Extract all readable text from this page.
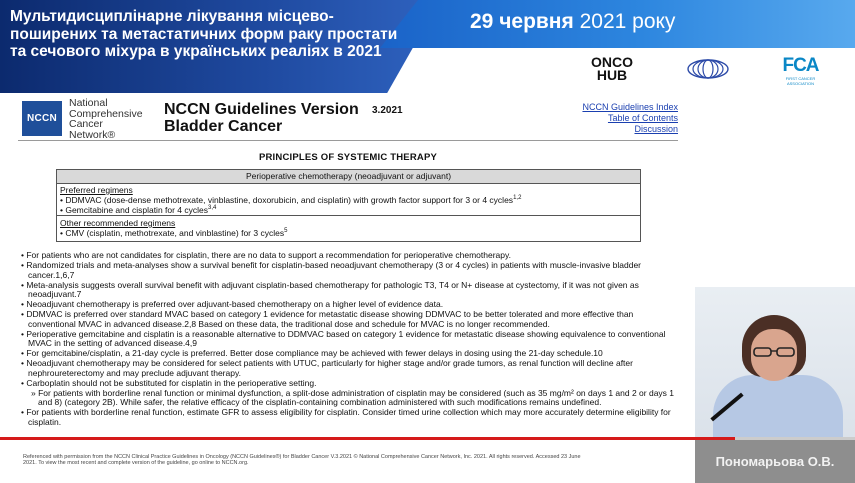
Мультидисциплінарне лікування місцево-поширених та метастатичних форм раку простати та сечового міхура в українських реаліях в 2021
29 червня 2021 року
ONCO
HUB	FCA
FIRST CANCER ASSOCIATION
NCCN
National
Comprehensive
Cancer
Network®
NCCN Guidelines Version
Bladder Cancer
3.2021	NCCN Guidelines Index
Table of Contents
Discussion
PRINCIPLES OF SYSTEMIC THERAPY
Perioperative chemotherapy (neoadjuvant or adjuvant)
Preferred regimens
• DDMVAC (dose-dense methotrexate, vinblastine, doxorubicin, and cisplatin) with growth factor support for 3 or 4 cycles$^{1,2}$
• Gemcitabine and cisplatin for 4 cycles$^{3,4}$
Other recommended regimens
• CMV (cisplatin, methotrexate, and vinblastine) for 3 cycles$^5$
• For patients who are not candidates for cisplatin, there are no data to support a recommendation for perioperative chemotherapy.
• Randomized trials and meta-analyses show a survival benefit for cisplatin-based neoadjuvant chemotherapy (3 or 4 cycles) in patients with muscle-invasive bladder cancer.1,6,7
• Meta-analysis suggests overall survival benefit with adjuvant cisplatin-based chemotherapy for pathologic T3, T4 or N+ disease at cystectomy, if it was not given as neoadjuvant.7
• Neoadjuvant chemotherapy is preferred over adjuvant-based chemotherapy on a higher level of evidence data.
• DDMVAC is preferred over standard MVAC based on category 1 evidence for metastatic disease showing DDMVAC to be better tolerated and more effective than conventional MVAC in advanced disease.2,8 Based on these data, the traditional dose and schedule for MVAC is no longer recommended.
• Perioperative gemcitabine and cisplatin is a reasonable alternative to DDMVAC based on category 1 evidence for metastatic disease showing equivalence to conventional MVAC in the setting of advanced disease.4,9
• For gemcitabine/cisplatin, a 21-day cycle is preferred. Better dose compliance may be achieved with fewer delays in dosing using the 21-day schedule.10
• Neoadjuvant chemotherapy may be considered for select patients with UTUC, particularly for higher stage and/or grade tumors, as renal function will decline after nephroureterectomy and may preclude adjuvant therapy.
• Carboplatin should not be substituted for cisplatin in the perioperative setting.
» For patients with borderline renal function or minimal dysfunction, a split-dose administration of cisplatin may be considered (such as 35 mg/m² on days 1 and 2 or days 1 and 8) (category 2B). While safer, the relative efficacy of the cisplatin-containing combination administered with such modifications remains undefined.
• For patients with borderline renal function, estimate GFR to assess eligibility for cisplatin. Consider timed urine collection which may more accurately determine eligibility for cisplatin.
Referenced with permission from the NCCN Clinical Practice Guidelines in Oncology (NCCN Guidelines®) for Bladder Cancer V.3.2021 © National Comprehensive Cancer Network, Inc. 2021. All rights reserved. Accessed 23 June 2021. To view the most recent and complete version of the guideline, go online to NCCN.org.	Пономарьова О.В.
